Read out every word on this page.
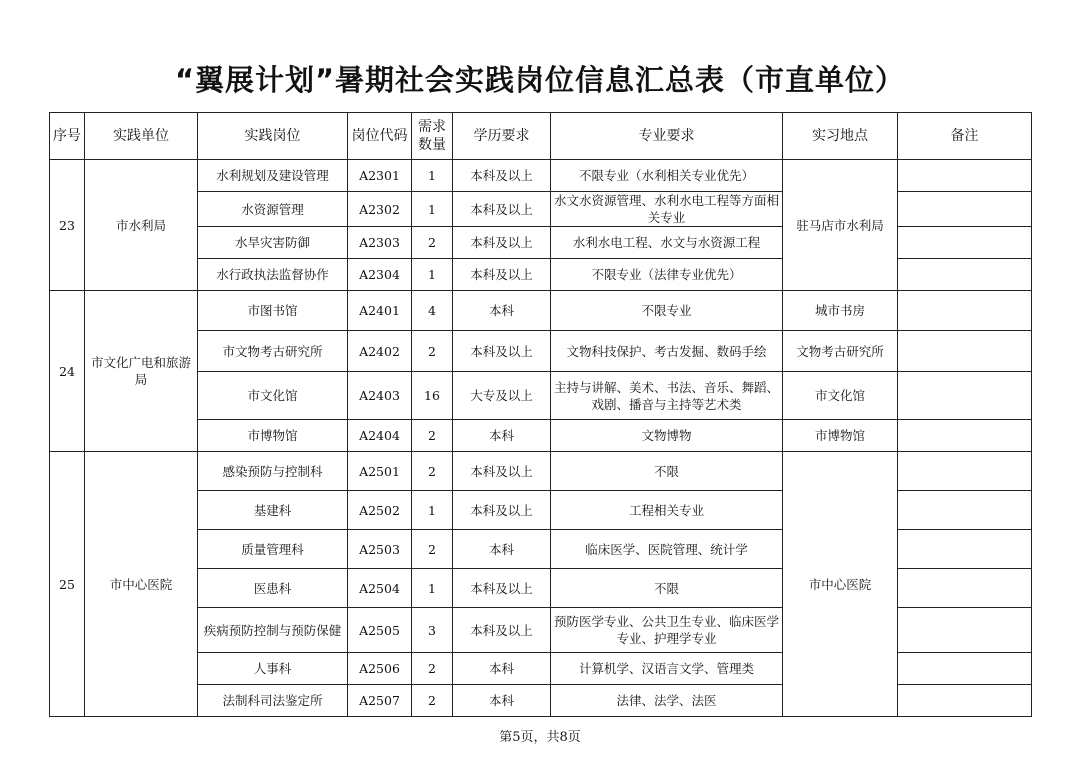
“翼展计划”暑期社会实践岗位信息汇总表（市直单位）
序号	实践单位	实践岗位	岗位代码	需求数量	学历要求	专业要求	实习地点	备注
23	市水利局	水利规划及建设管理	A2301	1	本科及以上	不限专业（水利相关专业优先）	驻马店市水利局	
		水资源管理	A2302	1	本科及以上	水文水资源管理、水利水电工程等方面相关专业		
		水旱灾害防御	A2303	2	本科及以上	水利水电工程、水文与水资源工程		
		水行政执法监督协作	A2304	1	本科及以上	不限专业（法律专业优先）		
24	市文化广电和旅游局	市图书馆	A2401	4	本科	不限专业	城市书房	
		市文物考古研究所	A2402	2	本科及以上	文物科技保护、考古发掘、数码手绘	文物考古研究所	
		市文化馆	A2403	16	大专及以上	主持与讲解、美术、书法、音乐、舞蹈、戏剧、播音与主持等艺术类	市文化馆	
		市博物馆	A2404	2	本科	文物博物	市博物馆	
25	市中心医院	感染预防与控制科	A2501	2	本科及以上	不限	市中心医院	
		基建科	A2502	1	本科及以上	工程相关专业		
		质量管理科	A2503	2	本科	临床医学、医院管理、统计学		
		医患科	A2504	1	本科及以上	不限		
		疾病预防控制与预防保健	A2505	3	本科及以上	预防医学专业、公共卫生专业、临床医学专业、护理学专业		
		人事科	A2506	2	本科	计算机学、汉语言文学、管理类		
		法制科司法鉴定所	A2507	2	本科	法律、法学、法医		
第5页，共8页
